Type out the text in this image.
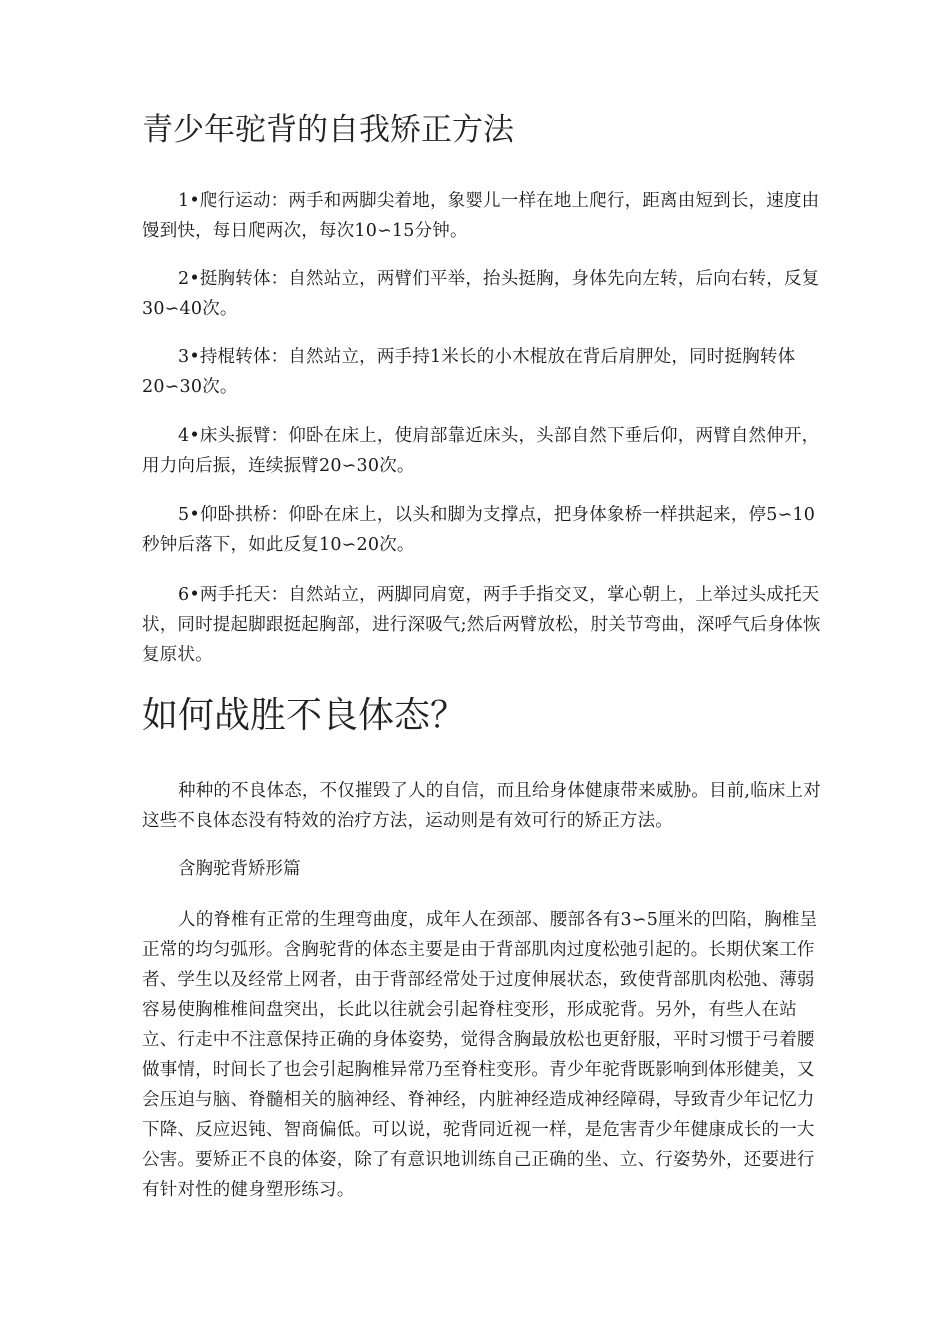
青少年驼背的自我矫正方法

1•爬行运动：两手和两脚尖着地，象婴儿一样在地上爬行，距离由短到长，速度由馒到快，每日爬两次，每次10∽15分钟。

2•挺胸转体：自然站立，两臂们平举，抬头挺胸，身体先向左转，后向右转，反复30∽40次。

3•持棍转体：自然站立，两手持1米长的小木棍放在背后肩胛处，同时挺胸转体20∽30次。

4•床头振臂：仰卧在床上，使肩部靠近床头，头部自然下垂后仰，两臂自然伸开，用力向后振，连续振臂20∽30次。

5•仰卧拱桥：仰卧在床上，以头和脚为支撑点，把身体象桥一样拱起来，停5∽10秒钟后落下，如此反复10∽20次。

6•两手托天：自然站立，两脚同肩宽，两手手指交叉，掌心朝上，上举过头成托天状，同时提起脚跟挺起胸部，进行深吸气;然后两臂放松，肘关节弯曲，深呼气后身体恢复原状。

如何战胜不良体态？

种种的不良体态，不仅摧毁了人的自信，而且给身体健康带来威胁。目前,临床上对这些不良体态没有特效的治疗方法，运动则是有效可行的矫正方法。

含胸驼背矫形篇

人的脊椎有正常的生理弯曲度，成年人在颈部、腰部各有3∽5厘米的凹陷，胸椎呈正常的均匀弧形。含胸驼背的体态主要是由于背部肌肉过度松弛引起的。长期伏案工作者、学生以及经常上网者，由于背部经常处于过度伸展状态，致使背部肌肉松弛、薄弱容易使胸椎椎间盘突出，长此以往就会引起脊柱变形，形成驼背。另外，有些人在站立、行走中不注意保持正确的身体姿势，觉得含胸最放松也更舒服，平时习惯于弓着腰做事情，时间长了也会引起胸椎异常乃至脊柱变形。青少年驼背既影响到体形健美，又会压迫与脑、脊髓相关的脑神经、脊神经，内脏神经造成神经障碍，导致青少年记忆力下降、反应迟钝、智商偏低。可以说，驼背同近视一样，是危害青少年健康成长的一大公害。要矫正不良的体姿，除了有意识地训练自己正确的坐、立、行姿势外，还要进行有针对性的健身塑形练习。
